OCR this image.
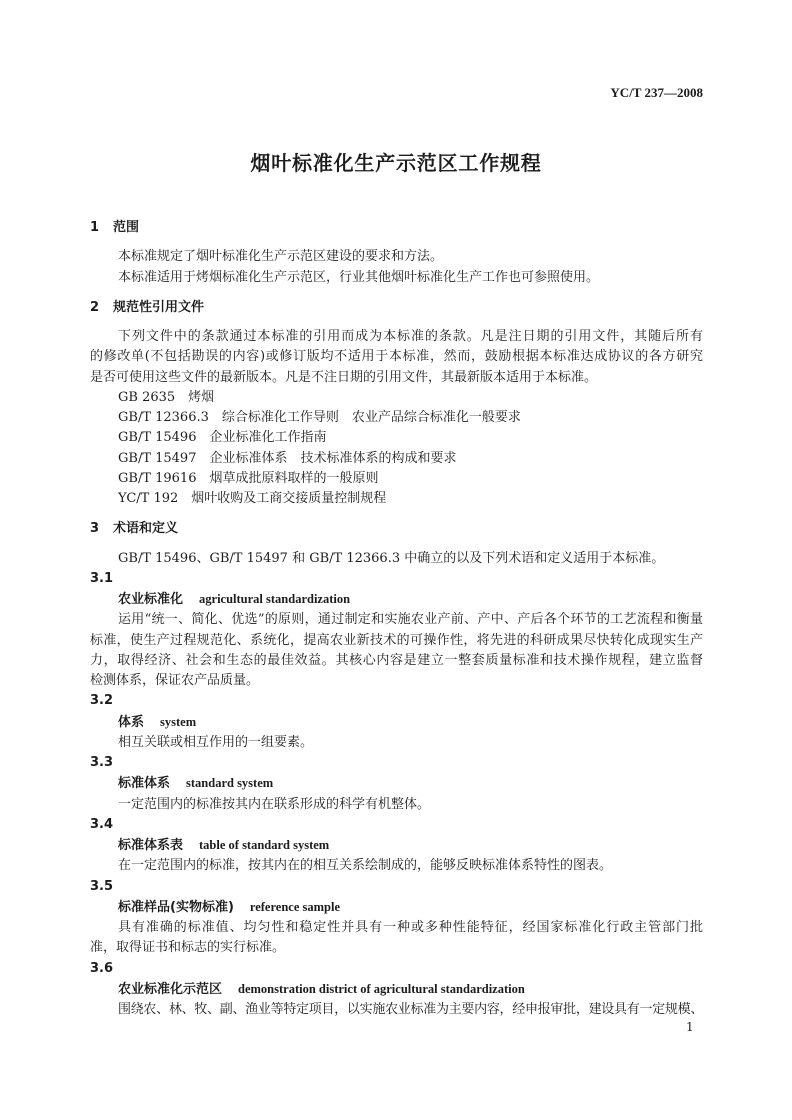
YC/T 237—2008
烟叶标准化生产示范区工作规程
1 范围
本标准规定了烟叶标准化生产示范区建设的要求和方法。
本标准适用于烤烟标准化生产示范区，行业其他烟叶标准化生产工作也可参照使用。
2 规范性引用文件
下列文件中的条款通过本标准的引用而成为本标准的条款。凡是注日期的引用文件，其随后所有
的修改单(不包括勘误的内容)或修订版均不适用于本标准，然而，鼓励根据本标准达成协议的各方研究
是否可使用这些文件的最新版本。凡是不注日期的引用文件，其最新版本适用于本标准。
GB 2635 烤烟
GB/T 12366.3 综合标准化工作导则　农业产品综合标准化一般要求
GB/T 15496 企业标准化工作指南
GB/T 15497 企业标准体系　技术标准体系的构成和要求
GB/T 19616 烟草成批原料取样的一般原则
YC/T 192 烟叶收购及工商交接质量控制规程
3 术语和定义
GB/T 15496、GB/T 15497 和 GB/T 12366.3 中确立的以及下列术语和定义适用于本标准。
3.1
农业标准化 agricultural standardization
运用“统一、简化、优选”的原则，通过制定和实施农业产前、产中、产后各个环节的工艺流程和衡量
标准，使生产过程规范化、系统化，提高农业新技术的可操作性，将先进的科研成果尽快转化成现实生产
力，取得经济、社会和生态的最佳效益。其核心内容是建立一整套质量标准和技术操作规程，建立监督
检测体系，保证农产品质量。
3.2
体系 system
相互关联或相互作用的一组要素。
3.3
标准体系 standard system
一定范围内的标准按其内在联系形成的科学有机整体。
3.4
标准体系表 table of standard system
在一定范围内的标准，按其内在的相互关系绘制成的，能够反映标准体系特性的图表。
3.5
标准样品(实物标准) reference sample
具有准确的标准值、均匀性和稳定性并具有一种或多种性能特征，经国家标准化行政主管部门批
准，取得证书和标志的实行标准。
3.6
农业标准化示范区 demonstration district of agricultural standardization
围绕农、林、牧、副、渔业等特定项目，以实施农业标准为主要内容，经申报审批，建设具有一定规模、
1
